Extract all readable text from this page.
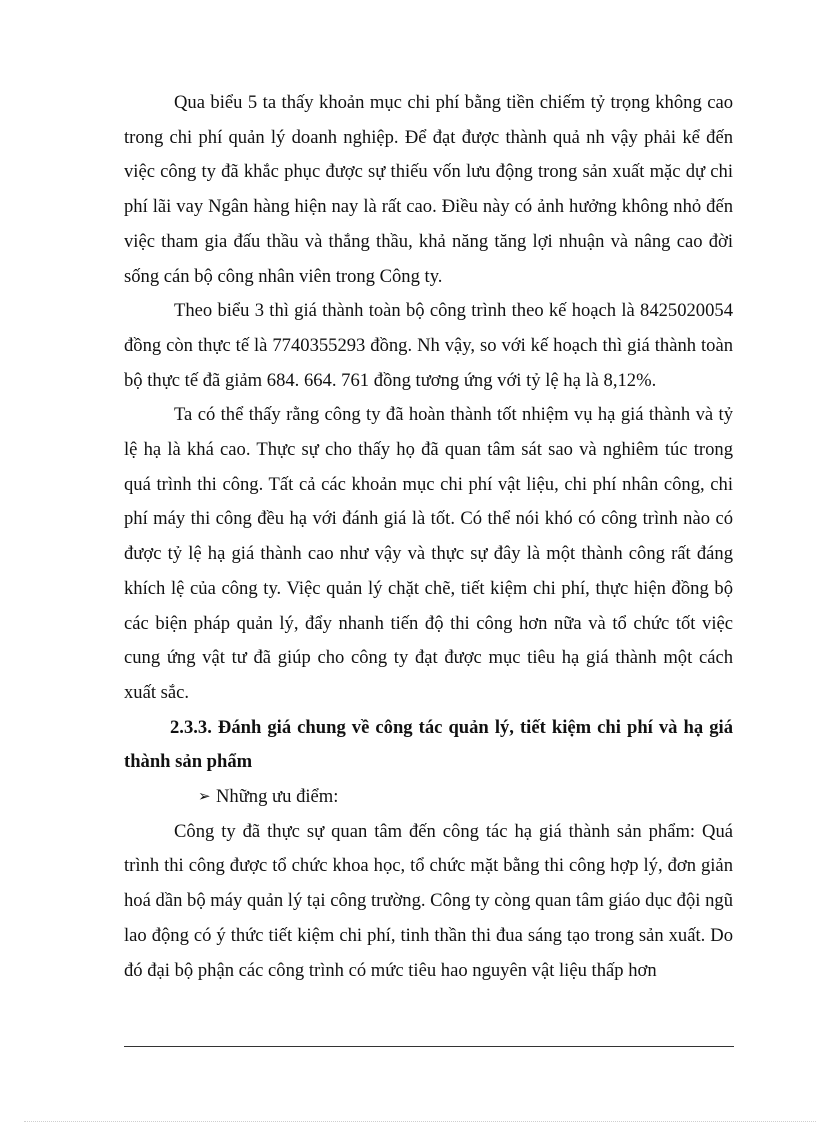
Qua biểu 5 ta thấy khoản mục chi phí bằng tiền chiếm tỷ trọng không cao trong chi phí quản lý doanh nghiệp. Để đạt được thành quả nh vậy phải kể đến việc công ty đã khắc phục được sự thiếu vốn lưu động trong sản xuất mặc dự chi phí lãi vay Ngân hàng hiện nay là rất cao. Điều này có ảnh hưởng không nhỏ đến việc tham gia đấu thầu và thắng thầu, khả năng tăng lợi nhuận và nâng cao đời sống cán bộ công nhân viên trong Công ty.

Theo biểu 3 thì giá thành toàn bộ công trình theo kế hoạch là 8425020054 đồng còn thực tế là 7740355293 đồng. Nh vậy, so với kế hoạch thì giá thành toàn bộ thực tế đã giảm 684. 664. 761 đồng tương ứng với tỷ lệ hạ là 8,12%.

Ta có thể thấy rằng công ty đã hoàn thành tốt nhiệm vụ hạ giá thành và tỷ lệ hạ là khá cao. Thực sự cho thấy họ đã quan tâm sát sao và nghiêm túc trong quá trình thi công. Tất cả các khoản mục chi phí vật liệu, chi phí nhân công, chi phí máy thi công đều hạ với đánh giá là tốt. Có thể nói khó có công trình nào có được tỷ lệ hạ giá thành cao như vậy và thực sự đây là một thành công rất đáng khích lệ của công ty. Việc quản lý chặt chẽ, tiết kiệm chi phí, thực hiện đồng bộ các biện pháp quản lý, đẩy nhanh tiến độ thi công hơn nữa và tổ chức tốt việc cung ứng vật tư đã giúp cho công ty đạt được mục tiêu hạ giá thành một cách xuất sắc.

2.3.3. Đánh giá chung về công tác quản lý, tiết kiệm chi phí và hạ giá thành sản phẩm

➢ Những ưu điểm:

Công ty đã thực sự quan tâm đến công tác hạ giá thành sản phẩm: Quá trình thi công được tổ chức khoa học, tổ chức mặt bằng thi công hợp lý, đơn giản hoá dần bộ máy quản lý tại công trường. Công ty còng quan tâm giáo dục đội ngũ lao động có ý thức tiết kiệm chi phí, tinh thần thi đua sáng tạo trong sản xuất. Do đó đại bộ phận các công trình có mức tiêu hao nguyên vật liệu thấp hơn
